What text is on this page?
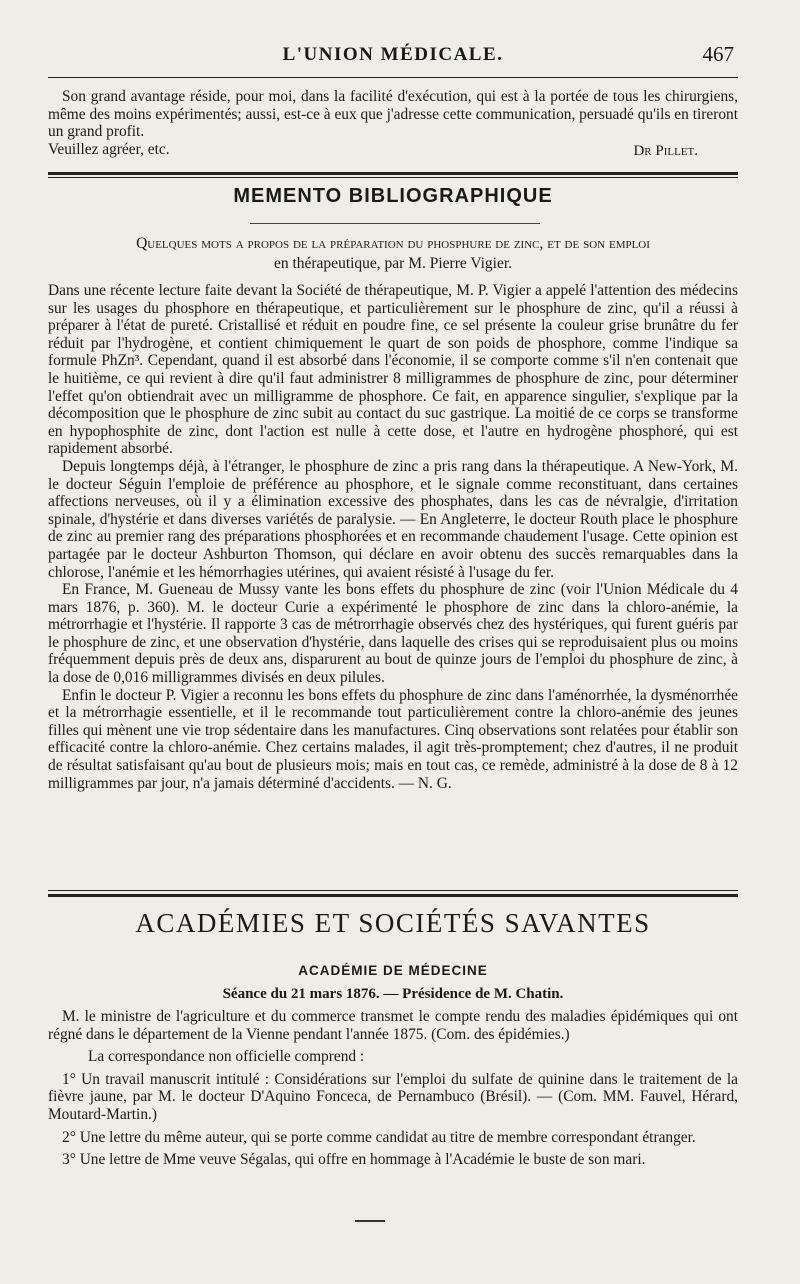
L'UNION MÉDICALE.	467

Son grand avantage réside, pour moi, dans la facilité d'exécution, qui est à la portée de tous les chirurgiens, même des moins expérimentés; aussi, est-ce à eux que j'adresse cette communication, persuadé qu'ils en tireront un grand profit.

Veuillez agréer, etc.	Dr Pillet.
MEMENTO BIBLIOGRAPHIQUE
Quelques mots a propos de la préparation du phosphure de zinc, et de son emploi
en thérapeutique, par M. Pierre Vigier.

Dans une récente lecture faite devant la Société de thérapeutique, M. P. Vigier a appelé l'attention des médecins sur les usages du phosphore en thérapeutique, et particulièrement sur le phosphure de zinc, qu'il a réussi à préparer à l'état de pureté. Cristallisé et réduit en poudre fine, ce sel présente la couleur grise brunâtre du fer réduit par l'hydrogène, et contient chimiquement le quart de son poids de phosphore, comme l'indique sa formule PhZn³. Cependant, quand il est absorbé dans l'économie, il se comporte comme s'il n'en contenait que le huitième, ce qui revient à dire qu'il faut administrer 8 milligrammes de phosphure de zinc, pour déterminer l'effet qu'on obtiendrait avec un milligramme de phosphore. Ce fait, en apparence singulier, s'explique par la décomposition que le phosphure de zinc subit au contact du suc gastrique. La moitié de ce corps se transforme en hypophosphite de zinc, dont l'action est nulle à cette dose, et l'autre en hydrogène phosphoré, qui est rapidement absorbé.

Depuis longtemps déjà, à l'étranger, le phosphure de zinc a pris rang dans la thérapeutique. A New-York, M. le docteur Séguin l'emploie de préférence au phosphore, et le signale comme reconstituant, dans certaines affections nerveuses, où il y a élimination excessive des phosphates, dans les cas de névralgie, d'irritation spinale, d'hystérie et dans diverses variétés de paralysie. — En Angleterre, le docteur Routh place le phosphure de zinc au premier rang des préparations phosphorées et en recommande chaudement l'usage. Cette opinion est partagée par le docteur Ashburton Thomson, qui déclare en avoir obtenu des succès remarquables dans la chlorose, l'anémie et les hémorrhagies utérines, qui avaient résisté à l'usage du fer.

En France, M. Gueneau de Mussy vante les bons effets du phosphure de zinc (voir l'Union Médicale du 4 mars 1876, p. 360). M. le docteur Curie a expérimenté le phosphore de zinc dans la chloro-anémie, la métrorrhagie et l'hystérie. Il rapporte 3 cas de métrorrhagie observés chez des hystériques, qui furent guéris par le phosphure de zinc, et une observation d'hystérie, dans laquelle des crises qui se reproduisaient plus ou moins fréquemment depuis près de deux ans, disparurent au bout de quinze jours de l'emploi du phosphure de zinc, à la dose de 0,016 milligrammes divisés en deux pilules.

Enfin le docteur P. Vigier a reconnu les bons effets du phosphure de zinc dans l'aménorrhée, la dysménorrhée et la métrorrhagie essentielle, et il le recommande tout particulièrement contre la chloro-anémie des jeunes filles qui mènent une vie trop sédentaire dans les manufactures. Cinq observations sont relatées pour établir son efficacité contre la chloro-anémie. Chez certains malades, il agit très-promptement; chez d'autres, il ne produit de résultat satisfaisant qu'au bout de plusieurs mois; mais en tout cas, ce remède, administré à la dose de 8 à 12 milligrammes par jour, n'a jamais déterminé d'accidents. — N. G.

ACADÉMIES ET SOCIÉTÉS SAVANTES
ACADÉMIE DE MÉDECINE
Séance du 21 mars 1876. — Présidence de M. Chatin.

M. le ministre de l'agriculture et du commerce transmet le compte rendu des maladies épidémiques qui ont régné dans le département de la Vienne pendant l'année 1875. (Com. des épidémies.)

La correspondance non officielle comprend :

1° Un travail manuscrit intitulé : Considérations sur l'emploi du sulfate de quinine dans le traitement de la fièvre jaune, par M. le docteur D'Aquino Fonceca, de Pernambuco (Brésil). — (Com. MM. Fauvel, Hérard, Moutard-Martin.)

2° Une lettre du même auteur, qui se porte comme candidat au titre de membre correspondant étranger.

3° Une lettre de Mme veuve Ségalas, qui offre en hommage à l'Académie le buste de son mari.
